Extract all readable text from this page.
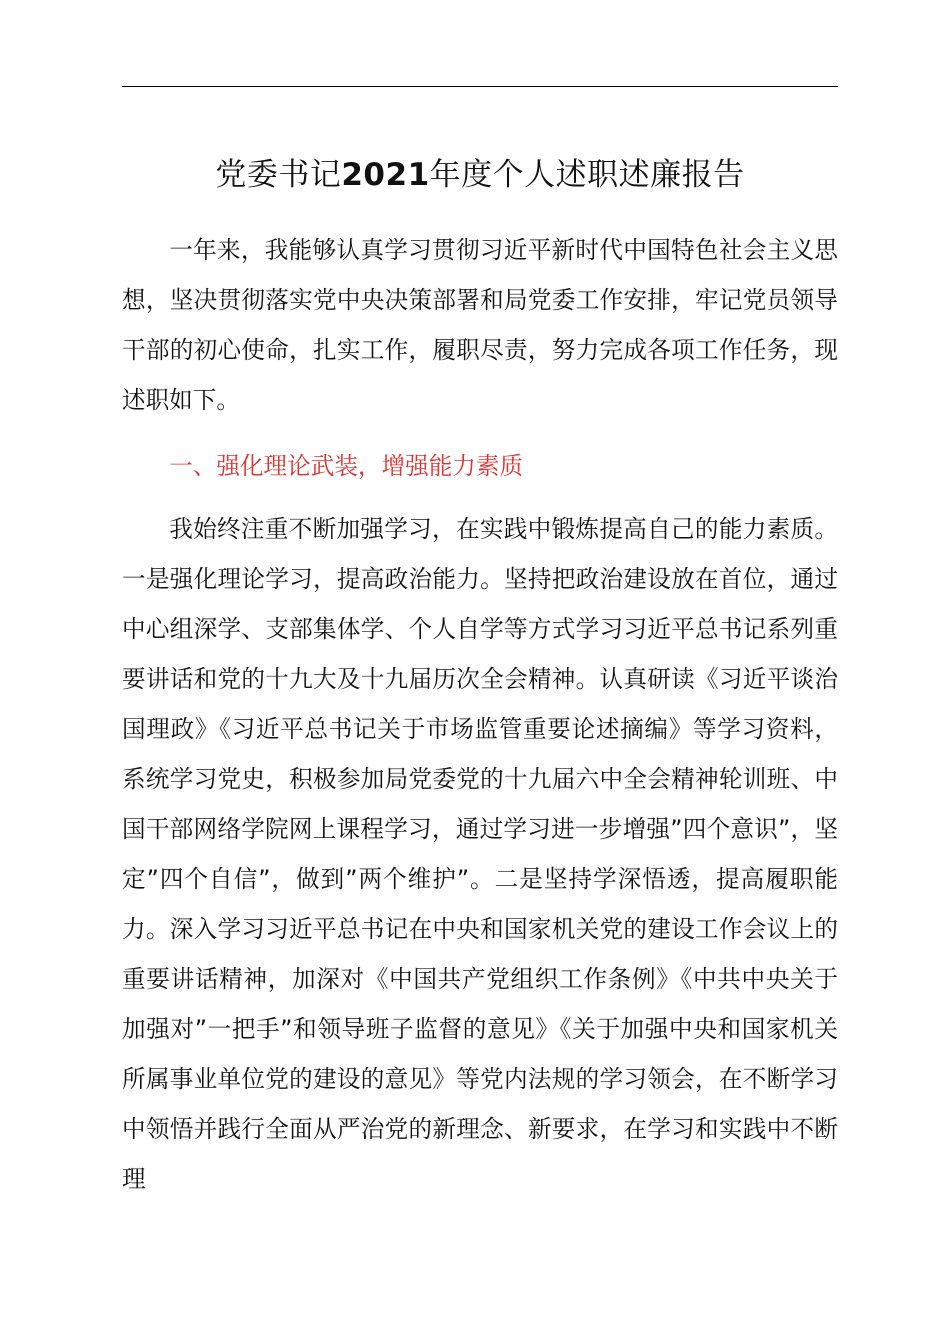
党委书记2021年度个人述职述廉报告

一年来，我能够认真学习贯彻习近平新时代中国特色社会主义思想，坚决贯彻落实党中央决策部署和局党委工作安排，牢记党员领导干部的初心使命，扎实工作，履职尽责，努力完成各项工作任务，现述职如下。

一、强化理论武装，增强能力素质

我始终注重不断加强学习，在实践中锻炼提高自己的能力素质。一是强化理论学习，提高政治能力。坚持把政治建设放在首位，通过中心组深学、支部集体学、个人自学等方式学习习近平总书记系列重要讲话和党的十九大及十九届历次全会精神。认真研读《习近平谈治国理政》《习近平总书记关于市场监管重要论述摘编》等学习资料，系统学习党史，积极参加局党委党的十九届六中全会精神轮训班、中国干部网络学院网上课程学习，通过学习进一步增强”四个意识”，坚定”四个自信”，做到”两个维护”。二是坚持学深悟透，提高履职能力。深入学习习近平总书记在中央和国家机关党的建设工作会议上的重要讲话精神，加深对《中国共产党组织工作条例》《中共中央关于加强对”一把手”和领导班子监督的意见》《关于加强中央和国家机关所属事业单位党的建设的意见》等党内法规的学习领会，在不断学习中领悟并践行全面从严治党的新理念、新要求，在学习和实践中不断理
